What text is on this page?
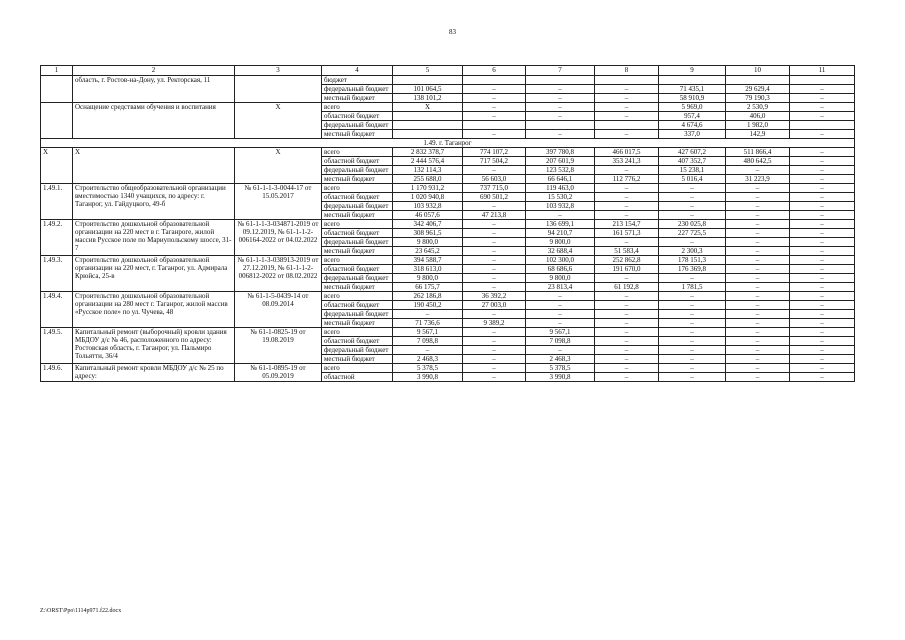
83
1	2	3	4	5	6	7	8	9	10	11
	область, г. Ростов-на-Дону, ул. Ректорская, 11		бюджет							
			федеральный бюджет	101 064,5	–	–	–	71 435,1	29 629,4	–
			местный бюджет	138 101,2	–	–	–	58 910,9	79 190,3	–
	Оснащение средствами обучения и воспитания	X	всего	X	–	–	–	5 969,0	2 530,9	–
			областной бюджет		–	–	–	957,4	406,0	–
			федеральный бюджет					4 674,6	1 982,0	
			местный бюджет		–	–	–	337,0	142,9	–
1.49. г. Таганрог										
X	X	X	всего	2 832 378,7	774 107,2	397 780,8	466 017,5	427 607,2	511 866,4	–
			областной бюджет	2 444 576,4	717 504,2	207 601,9	353 241,3	407 352,7	480 642,5	–
			федеральный бюджет	132 114,3	–	123 532,8	–	15 238,1	–	–
			местный бюджет	255 688,0	56 603,0	66 646,1	112 776,2	5 016,4	31 223,9	–
1.49.1.	Строительство общеобразовательной организации вместимостью 1340 учащихся, по адресу: г. Таганрог, ул. Гайдуцкого, 49-б	№ 61-1-1-3-0044-17 от 15.05.2017	всего	1 170 931,2	737 715,0	119 463,0	–	–	–	–
			областной бюджет	1 020 940,8	690 501,2	15 530,2	–	–	–	–
			федеральный бюджет	103 932,8	–	103 932,8	–	–	–	–
			местный бюджет	46 057,6	47 213,8	–	–	–	–	–
1.49.2.	Строительство дошкольной образовательной организации на 220 мест в г. Таганроге, жилой массив Русское поле по Мариупольскому шоссе, 31-7	№ 61-1-1-3-034871-2019 от 09.12.2019, № 61-1-1-2-006164-2022 от 04.02.2022	всего	342 406,7	–	136 699,1	213 154,7	230 025,8	–	–
			областной бюджет	308 961,5	–	94 210,7	161 571,3	227 725,5	–	–
			федеральный бюджет	9 800,0	–	9 800,0	–	–	–	–
			местный бюджет	23 645,2	–	32 688,4	51 583,4	2 300,3	–	–
1.49.3.	Строительство дошкольной образовательной организации на 220 мест, г. Таганрог, ул. Адмирала Крюйса, 25-в	№ 61-1-1-3-038913-2019 от 27.12.2019, № 61-1-1-2-006812-2022 от 08.02.2022	всего	394 588,7	–	102 300,0	252 862,8	178 151,3	–	–
			областной бюджет	318 613,0	–	68 686,6	191 670,0	176 369,8	–	–
			федеральный бюджет	9 800,0	–	9 800,0	–	–	–	–
			местный бюджет	66 175,7	–	23 813,4	61 192,8	1 781,5	–	–
1.49.4.	Строительство дошкольной образовательной организации на 280 мест г. Таганрог, жилой массив «Русское поле» по ул. Чучева, 48	№ 61-1-5-0439-14 от 08.09.2014	всего	262 186,8	36 392,2	–	–	–	–	–
			областной бюджет	190 450,2	27 003,0	–	–	–	–	–
			федеральный бюджет	–	–	–	–	–	–	–
			местный бюджет	71 736,6	9 389,2	–	–	–	–	–
1.49.5.	Капитальный ремонт (выборочный) кровли здания МБДОУ д/с № 46, расположенного по адресу: Ростовская область, г. Таганрог, ул. Пальмиро Тольятти, 36/4	№ 61-1-0825-19 от 19.08.2019	всего	9 567,1	–	9 567,1	–	–	–	–
			областной бюджет	7 098,8	–	7 098,8	–	–	–	–
			федеральный бюджет	–	–	–	–	–	–	–
			местный бюджет	2 468,3	–	2 468,3	–	–	–	–
1.49.6.	Капитальный ремонт кровли МБДОУ д/с № 25 по адресу:	№ 61-1-0895-19 от 05.09.2019	всего	5 378,5	–	5 378,5	–	–	–	–
			областной	3 990,8	–	3 990,8	–	–	–	–
Z:\ORST\Ppo\1114p971.f22.docx
